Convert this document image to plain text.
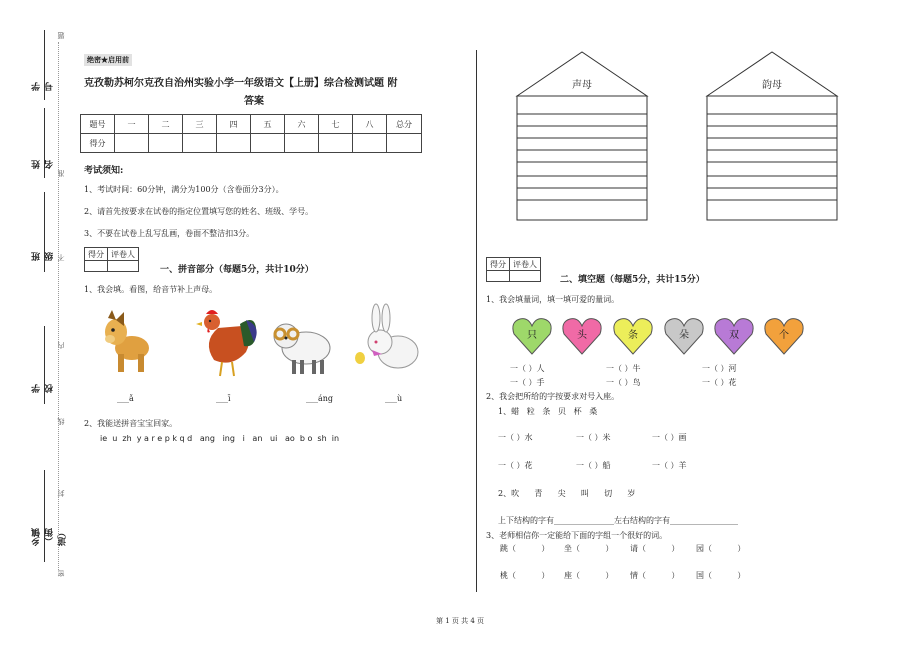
学号
姓名
班级
学校
乡镇（街道）
题
准
不
内
线
封
密
绝密★启用前
克孜勒苏柯尔克孜自治州实验小学一年级语文【上册】综合检测试题 附
答案
题号	一	二	三	四	五	六	七	八	总分
得分									
考试须知:
1、考试时间：60分钟，满分为100分（含卷面分3分）。
2、请首先按要求在试卷的指定位置填写您的姓名、班级、学号。
3、不要在试卷上乱写乱画，卷面不整洁扣3分。
得分	评卷人

一、拼音部分（每题5分，共计10分）
1、我会填。看图，给音节补上声母。
___ǎ	___ī	___áng	___ù
2、我能送拼音宝宝回家。
ie  u  zh  y a r e p k q d   ang   ing   i   an   ui   ao  b o  sh  in
声母	韵母
得分	评卷人

二、填空题（每题5分，共计15分）
1、我会填量词，填一填可爱的量词。
只	头	条	朵	双	个
一（ ）人	一（ ）牛	一（ ）河
一（ ）手	一（ ）鸟	一（ ）花
2、我会把所给的字按要求对号入座。
1、蜡   粒   条   贝   杯   桑
一（ ）水	一（ ）米	一（ ）画
一（ ）花	一（ ）船	一（ ）羊
2、吹      青      尖      叫      切      岁
上下结构的字有_______________左右结构的字有_________________
3、老师相信你一定能给下面的字组一个很好的词。
跳（          ） 坐（          ） 请（          ） 园（          ）
桃（          ） 座（          ） 情（          ） 国（          ）
第 1 页 共 4 页
